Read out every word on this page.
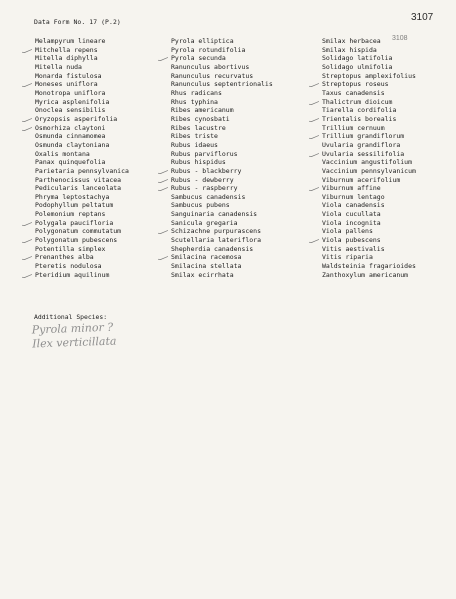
Data Form No. 17 (P.2)	3107
3108
Melampyrum lineare
Mitchella repens
Mitella diphylla
Mitella nuda
Monarda fistulosa
Moneses uniflora
Monotropa uniflora
Myrica asplenifolia
Onoclea sensibilis
Oryzopsis asperifolia
Osmorhiza claytoni
Osmunda cinnamomea
Osmunda claytoniana
Oxalis montana
Panax quinquefolia
Parietaria pennsylvanica
Parthenocissus vitacea
Pedicularis lanceolata
Phryma leptostachya
Podophyllum peltatum
Polemonium reptans
Polygala paucifloria
Polygonatum commutatum
Polygonatum pubescens
Potentilla simplex
Prenanthes alba
Pteretis nodulosa
Pteridium aquilinum
Pyrola elliptica
Pyrola rotundifolia
Pyrola secunda
Ranunculus abortivus
Ranunculus recurvatus
Ranunculus septentrionalis
Rhus radicans
Rhus typhina
Ribes americanum
Ribes cynosbati
Ribes lacustre
Ribes triste
Rubus idaeus
Rubus parviflorus
Rubus hispidus
Rubus - blackberry
Rubus - dewberry
Rubus - raspberry
Sambucus canadensis
Sambucus pubens
Sanguinaria canadensis
Sanicula gregaria
Schizachne purpurascens
Scutellaria lateriflora
Shepherdia canadensis
Smilacina racemosa
Smilacina stellata
Smilax ecirrhata
Smilax herbacea
Smilax hispida
Solidago latifolia
Solidago ulmifolia
Streptopus amplexifolius
Streptopus roseus
Taxus canadensis
Thalictrum dioicum
Tiarella cordifolia
Trientalis borealis
Trillium cernuum
Trillium grandiflorum
Uvularia grandiflora
Uvularia sessilifolia
Vaccinium angustifolium
Vaccinium pennsylvanicum
Viburnum acerifolium
Viburnum affine
Viburnum lentago
Viola canadensis
Viola cucullata
Viola incognita
Viola pallens
Viola pubescens
Vitis aestivalis
Vitis riparia
Waldsteinia fragarioides
Zanthoxylum americanum
Additional Species:
Pyrola minor ?
Ilex verticillata
